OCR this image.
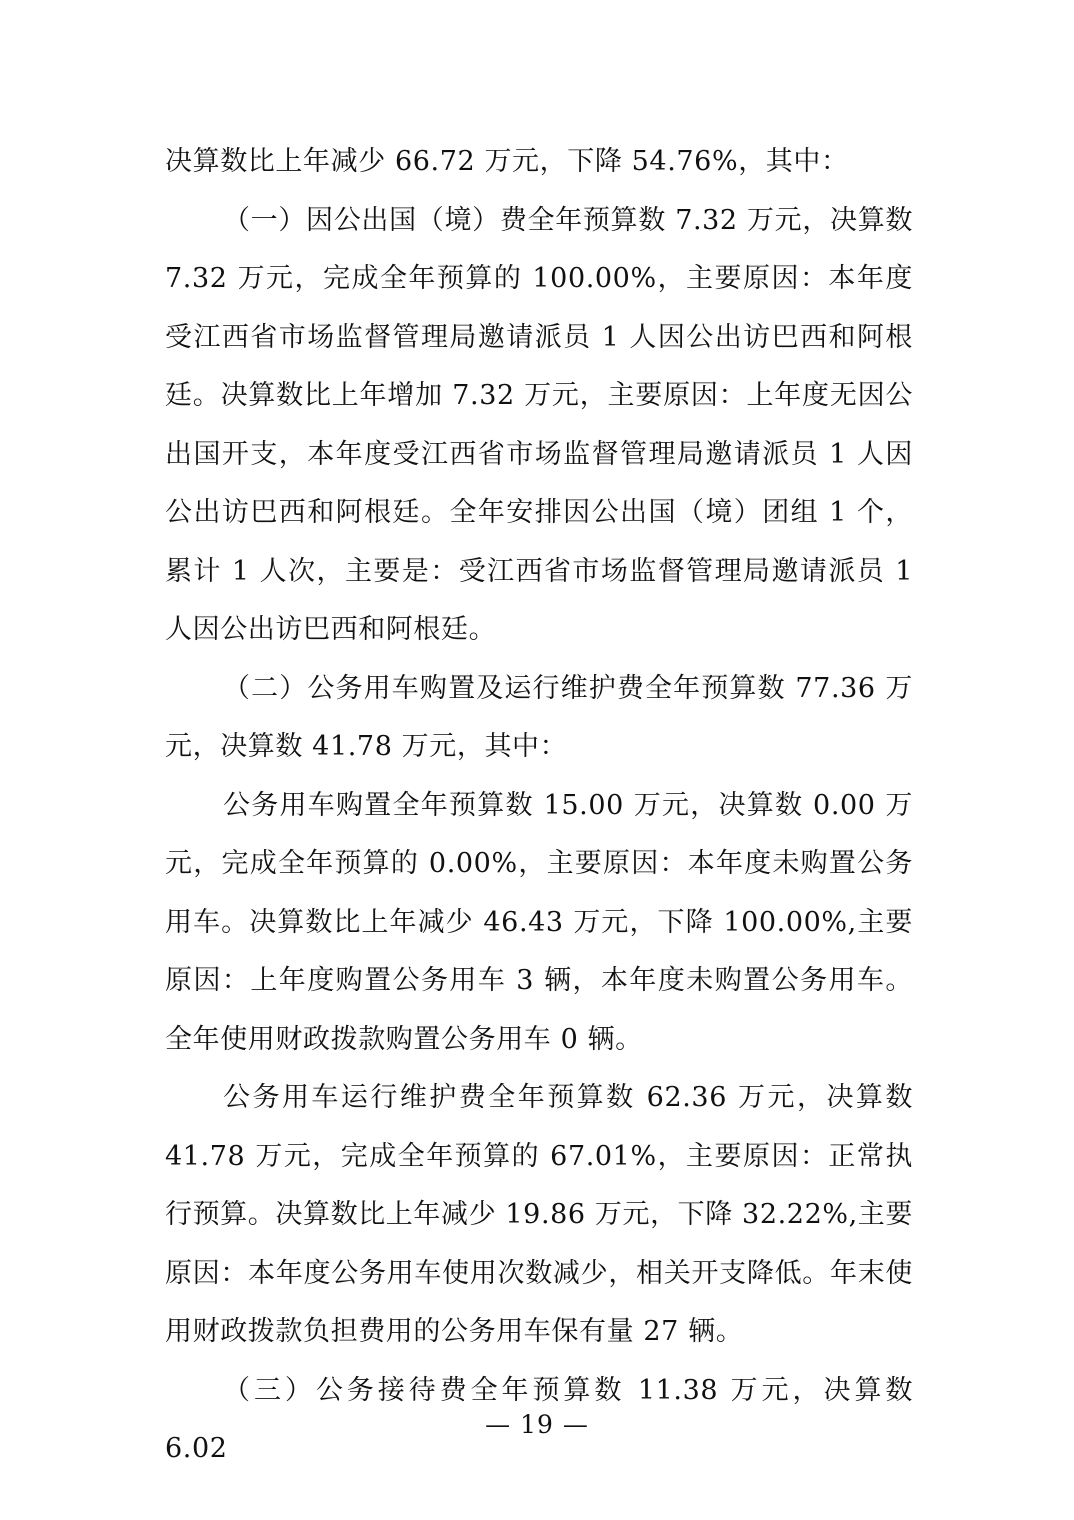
决算数比上年减少 66.72 万元，下降 54.76%，其中：

（一）因公出国（境）费全年预算数 7.32 万元，决算数 7.32 万元，完成全年预算的 100.00%，主要原因：本年度受江西省市场监督管理局邀请派员 1 人因公出访巴西和阿根廷。决算数比上年增加 7.32 万元，主要原因：上年度无因公出国开支，本年度受江西省市场监督管理局邀请派员 1 人因公出访巴西和阿根廷。全年安排因公出国（境）团组 1 个，累计 1 人次，主要是：受江西省市场监督管理局邀请派员 1 人因公出访巴西和阿根廷。

（二）公务用车购置及运行维护费全年预算数 77.36 万元，决算数 41.78 万元，其中：

公务用车购置全年预算数 15.00 万元，决算数 0.00 万元，完成全年预算的 0.00%，主要原因：本年度未购置公务用车。决算数比上年减少 46.43 万元，下降 100.00%,主要原因：上年度购置公务用车 3 辆，本年度未购置公务用车。全年使用财政拨款购置公务用车 0 辆。

公务用车运行维护费全年预算数 62.36 万元，决算数 41.78 万元，完成全年预算的 67.01%，主要原因：正常执行预算。决算数比上年减少 19.86 万元，下降 32.22%,主要原因：本年度公务用车使用次数减少，相关开支降低。年末使用财政拨款负担费用的公务用车保有量 27 辆。

（三）公务接待费全年预算数 11.38 万元，决算数 6.02

— 19 —
